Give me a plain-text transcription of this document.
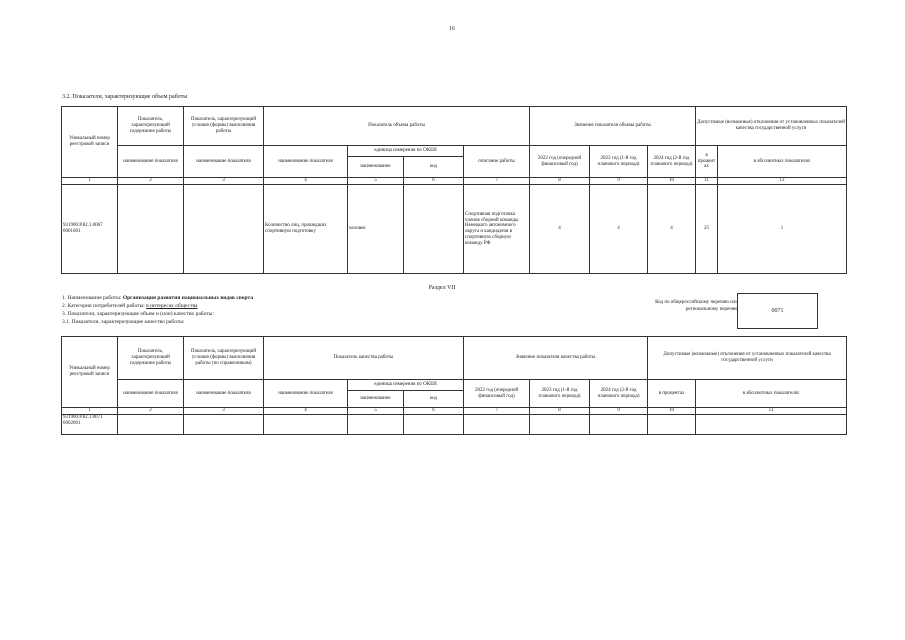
16
3.2. Показатели, характеризующие объем работы
Уникальный номер реестровой записи	Показатель, характеризующий содержание работы	Показатель, характеризующий условия (формы) выполнения работы	Показатель объема работы				Значение показателя объема работы			Допустимые (возможные) отклонения от установленных показателей качества государственной услуги	
	наименование показателя	наименование показателя	наименование показателя	единица измерения по ОКЕИ		описание работы	2022 год (очередной финансовый год)	2023 год (1-й год планового периода)	2024 год (2-й год планового периода)	в процентах	в абсолютных показателях
				наименование	код						
1	2	3	4	5	6	7	8	9	10	11	12
931900.Р.82.1.0067 0001001			Количество лиц, прошедших спортивную подготовку	человек		Спортивная подготовка членов сборной команды Ненецкого автономного округа и кандидатов в спортивную сборную команду РФ	4	4	4	25	1
Раздел VII
1. Наименование работы: Организация развития национальных видов спорта
2. Категории потребителей работы: в интересах общества
3. Показатели, характеризующие объем и (или) качество работы:
3.1. Показатели, характеризующие качество работы:
Код по общероссийскому перечню или региональному перечню	0071
Уникальный номер реестровой записи	Показатель, характеризующий содержание работы	Показатель, характеризующий условия (формы) выполнения работы (по справочникам)	Показатель качества работы			Значение показателя качества работы			Допустимые (возможные) отклонения от установленных показателей качества государственной услуги	
	наименование показателя	наименование показателя	наименование показателя	единица измерения по ОКЕИ		2022 год (очередной финансовый год)	2023 год (1-й год планового периода)	2024 год (2-й год планового периода)	в процентах	в абсолютных показателях
				наименование	код					
1	2	3	4	5	6	7	8	9	10	11
931900.Р.82.1.0071 0002001										
